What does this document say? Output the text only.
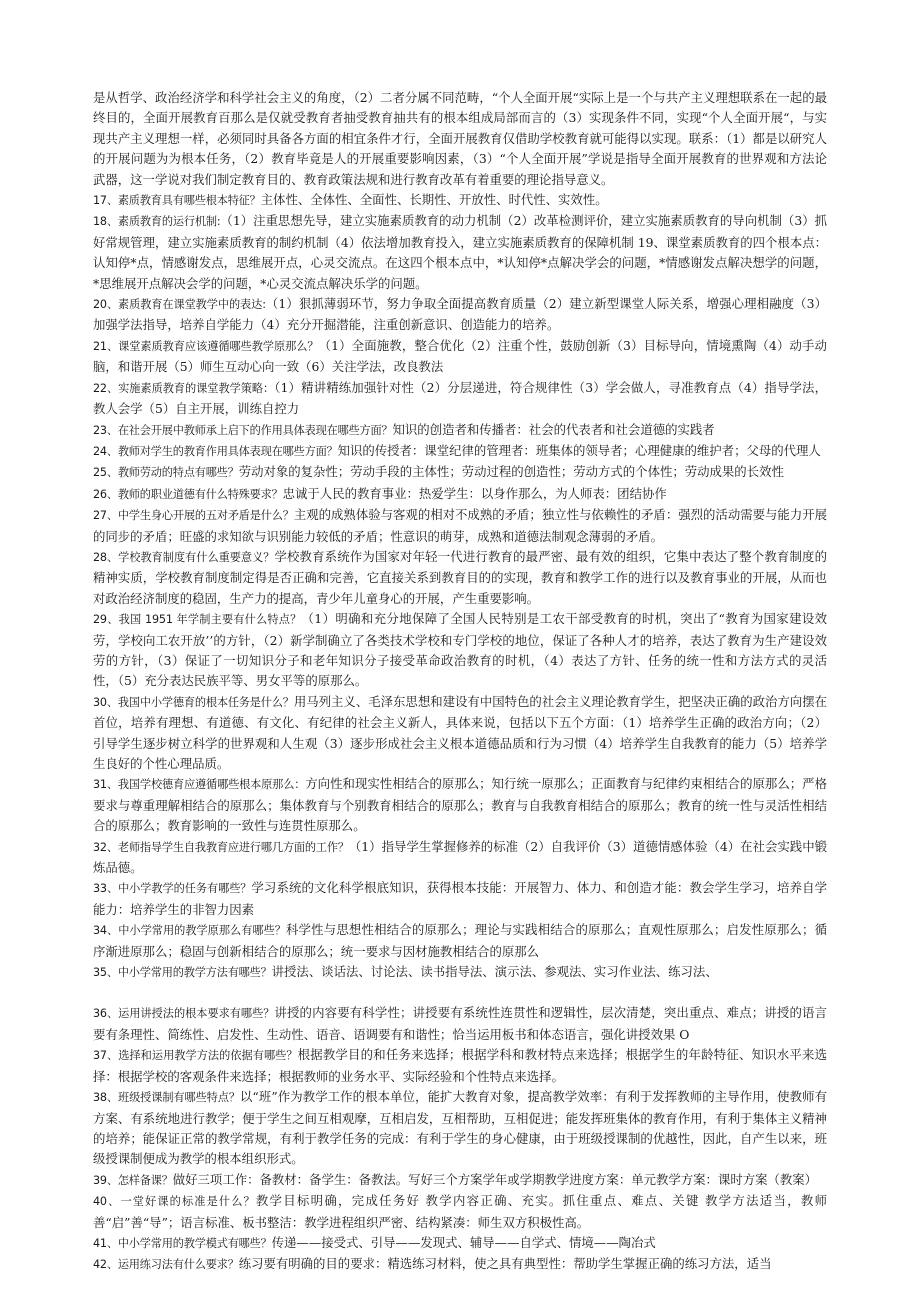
是从哲学、政治经济学和科学社会主义的角度，（2）二者分属不同范畴，“个人全面开展“实际上是一个与共产主义理想联系在一起的最终目的，全面开展教育百那么是仅就受教育者抽受教育抽共有的根本组成局部而言的（3）实现条件不同，实现“个人全面开展“，与实现共产主义理想一样，必须同时具备各方面的相宜条件才行，全面开展教育仅借助学校教育就可能得以实现。联系：（1）都是以研究人的开展问题为为根本任务，（2）教育毕竟是人的开展重要影响因素，（3）“个人全面开展”学说是指导全面开展教育的世界观和方法论武器，这一学说对我们制定教育目的、教育政策法规和进行教育改革有着重要的理论指导意义。

17、素质教育具有哪些根本特征？主体性、全体性、全面性、长期性、开放性、时代性、实效性。

18、素质教育的运行机制:（1）注重思想先导，建立实施素质教育的动力机制（2）改革检测评价，建立实施素质教育的导向机制（3）抓好常规管理，建立实施素质教育的制约机制（4）依法增加教育投入，建立实施素质教育的保障机制 19、课堂素质教育的四个根本点：认知停*点，情感谢发点，思维展开点，心灵交流点。在这四个根本点中，*认知停*点解决学会的问题，*情感谢发点解决想学的问题，*思维展开点解决会学的问题，*心灵交流点解决乐学的问题。

20、素质教育在课堂教学中的表达:（1）狠抓薄弱环节，努力争取全面提高教育质量（2）建立新型课堂人际关系，增强心理相融度（3）加强学法指导，培养自学能力（4）充分开掘潜能，注重创新意识、创造能力的培养。

21、课堂素质教育应该遵循哪些教学原那么？（1）全面施教，整合优化（2）注重个性，鼓励创新（3）目标导向，情境熏陶（4）动手动脑，和谐开展（5）师生互动心向一致（6）关注学法，改良教法

22、实施素质教育的课堂教学策略：（1）精讲精练加强针对性（2）分层递进，符合规律性（3）学会做人，寻准教育点（4）指导学法，教人会学（5）自主开展，训练自控力

23、在社会开展中教师承上启下的作用具体表现在哪些方面？知识的创造者和传播者：社会的代表者和社会道德的实践者

24、教师对学生的教育作用具体表现在哪些方面？知识的传授者：课堂纪律的管理者：班集体的领导者；心理健康的维护者；父母的代理人

25、教师劳动的特点有哪些？劳动对象的复杂性；劳动手段的主体性；劳动过程的创造性；劳动方式的个体性；劳动成果的长效性

26、教师的职业道德有什么特殊要求？忠诚于人民的教育事业：热爱学生：以身作那么，为人师表：团结协作

27、中学生身心开展的五对矛盾是什么？主观的成熟体验与客观的相对不成熟的矛盾；独立性与依赖性的矛盾：强烈的活动需要与能力开展的同步的矛盾；旺盛的求知欲与识别能力较低的矛盾；性意识的萌芽，成熟和道德法制观念薄弱的矛盾。

28、学校教育制度有什么重要意义？学校教育系统作为国家对年轻一代进行教育的最严密、最有效的组织，它集中表达了整个教育制度的精神实质，学校教育制度制定得是否正确和完善，它直接关系到教育目的的实现，教育和教学工作的进行以及教育事业的开展，从而也对政治经济制度的稳固，生产力的提高，青少年儿童身心的开展，产生重要影响。

29、我国 1951 年学制主要有什么特点？（1）明确和充分地保障了全国人民特别是工农干部受教育的时机，突出了“教育为国家建设效劳，学校向工农开放’’的方针，（2）新学制确立了各类技术学校和专门学校的地位，保证了各种人才的培养，表达了教育为生产建设效劳的方针，（3）保证了一切知识分子和老年知识分子接受革命政治教育的时机，（4）表达了方针、任务的统一性和方法方式的灵活性，（5）充分表达民族平等、男女平等的原那么。

30、我国中小学德育的根本任务是什么？用马列主义、毛泽东思想和建设有中国特色的社会主义理论教育学生，把坚决正确的政治方向摆在首位，培养有理想、有道德、有文化、有纪律的社会主义新人，具体来说，包括以下五个方面：（1）培养学生正确的政治方向；（2）引导学生逐步树立科学的世界观和人生观（3）逐步形成社会主义根本道德品质和行为习惯（4）培养学生自我教育的能力（5）培养学生良好的个性心理品质。

31、我国学校德育应遵循哪些根本原那么：方向性和现实性相结合的原那么；知行统一原那么；正面教育与纪律约束相结合的原那么；严格要求与尊重理解相结合的原那么；集体教育与个别教育相结合的原那么；教育与自我教育相结合的原那么；教育的统一性与灵活性相结合的原那么；教育影响的一致性与连贯性原那么。

32、老师指导学生自我教育应进行哪几方面的工作？（1）指导学生掌握修养的标准（2）自我评价（3）道德情感体验（4）在社会实践中锻炼品德。

33、中小学教学的任务有哪些？学习系统的文化科学根底知识，获得根本技能：开展智力、体力、和创造才能：教会学生学习，培养自学能力：培养学生的非智力因素

34、中小学常用的教学原那么有哪些？科学性与思想性相结合的原那么；理论与实践相结合的原那么；直观性原那么；启发性原那么；循序渐进原那么；稳固与创新相结合的原那么；统一要求与因材施教相结合的原那么

35、中小学常用的教学方法有哪些？讲授法、谈话法、讨论法、读书指导法、演示法、参观法、实习作业法、练习法、

36、运用讲授法的根本要求有哪些？讲授的内容要有科学性；讲授要有系统性连贯性和逻辑性，层次清楚，突出重点、难点；讲授的语言要有条理性、简练性、启发性、生动性、语音、语调要有和谐性；恰当运用板书和体态语言，强化讲授效果 O

37、选择和运用教学方法的依据有哪些？根据教学目的和任务来选择；根据学科和教材特点来选择；根据学生的年龄特征、知识水平来选择：根据学校的客观条件来选择；根据教师的业务水平、实际经验和个性特点来选择。

38、班级授课制有哪些特点？以“班”作为教学工作的根本单位，能扩大教育对象，提高教学效率：有利于发挥教师的主导作用，使教师有方案、有系统地进行教学；便于学生之间互相观摩，互相启发，互相帮助，互相促进；能发挥班集体的教育作用，有利于集体主义精神的培养；能保证正常的教学常规，有利于教学任务的完成：有利于学生的身心健康，由于班级授课制的优越性，因此，自产生以来，班级授课制便成为教学的根本组织形式。

39、怎样备课？做好三项工作：备教材：备学生：备教法。写好三个方案学年或学期教学进度方案：单元教学方案：课时方案（教案）

40、一堂好课的标准是什么？教学目标明确，完成任务好 教学内容正确、充实。抓住重点、难点、关键 教学方法适当，教师善“启”善“导”；语言标准、板书整洁：教学进程组织严密、结构紧凑：师生双方积极性高。

41、中小学常用的教学模式有哪些？传递——接受式、引导——发现式、辅导——自学式、情境——陶冶式

42、运用练习法有什么要求？练习要有明确的目的要求：精选练习材料，使之具有典型性：帮助学生掌握正确的练习方法，适当
